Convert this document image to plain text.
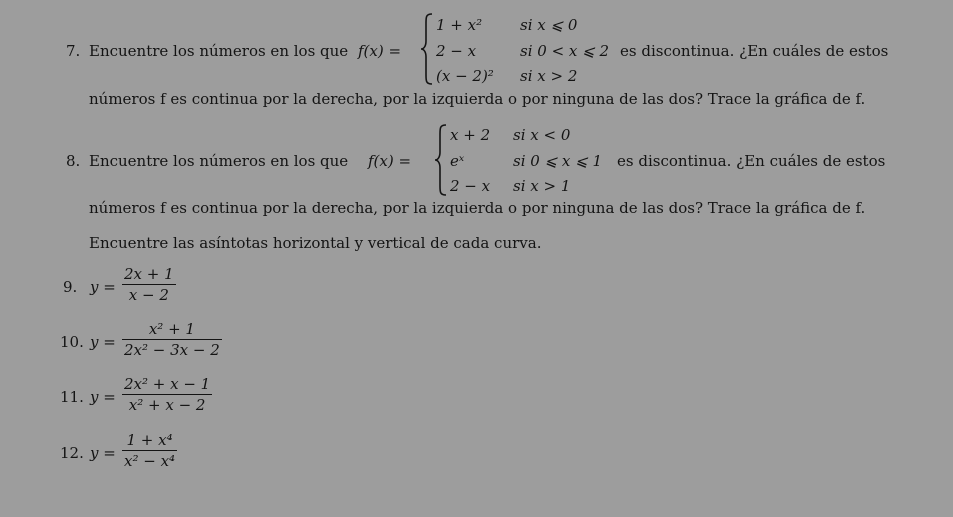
7. Encuentre los números en los que f(x) =
1 + x²	si x ⩽ 0
2 − x	si 0 < x ⩽ 2
(x − 2)² si x > 2
es discontinua. ¿En cuáles de estos
números f es continua por la derecha, por la izquierda o por ninguna de las dos? Trace la gráfica de f.
8. Encuentre los números en los que f(x) =
x + 2 si x < 0
eˣ	si 0 ⩽ x ⩽ 1
2 − x si x > 1
es discontinua. ¿En cuáles de estos
números f es continua por la derecha, por la izquierda o por ninguna de las dos? Trace la gráfica de f.
Encuentre las asíntotas horizontal y vertical de cada curva.
9. y =
2x + 1
x − 2
10. y =
x² + 1
2x² − 3x − 2
11. y =
2x² + x − 1
x² + x − 2
12. y =
1 + x⁴
x² − x⁴
